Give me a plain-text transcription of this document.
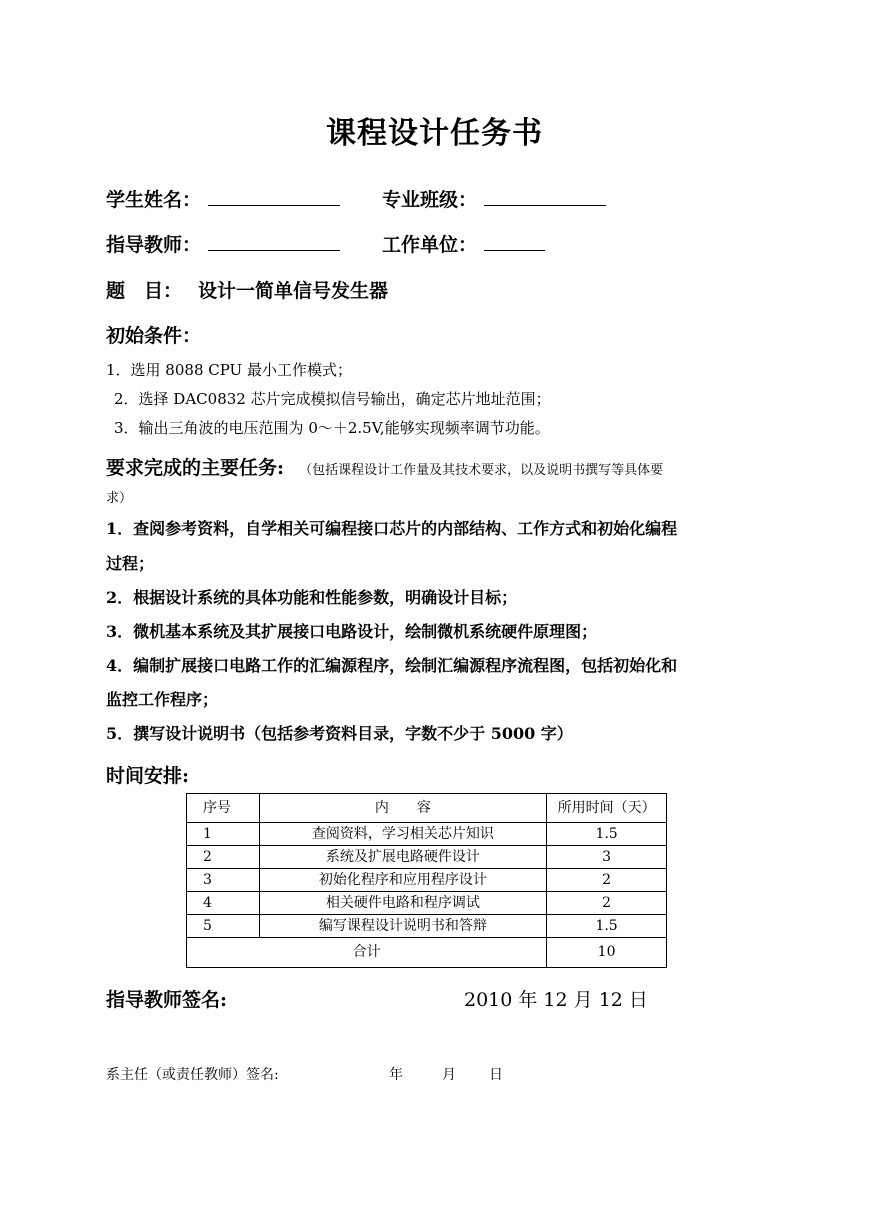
课程设计任务书
学生姓名：	专业班级：
指导教师：	工作单位：
题　目： 设计一简单信号发生器
初始条件：
1．选用 8088 CPU 最小工作模式；
2．选择 DAC0832 芯片完成模拟信号输出，确定芯片地址范围；
3．输出三角波的电压范围为 0～＋2.5V,能够实现频率调节功能。
要求完成的主要任务: （包括课程设计工作量及其技术要求，以及说明书撰写等具体要
求）
1．查阅参考资料，自学相关可编程接口芯片的内部结构、工作方式和初始化编程
过程；
2．根据设计系统的具体功能和性能参数，明确设计目标；
3．微机基本系统及其扩展接口电路设计，绘制微机系统硬件原理图；
4．编制扩展接口电路工作的汇编源程序，绘制汇编源程序流程图，包括初始化和
监控工作程序；
5．撰写设计说明书（包括参考资料目录，字数不少于 5000 字）
时间安排:
序号	内　　容	所用时间（天）
1	查阅资料，学习相关芯片知识	1.5
2	系统及扩展电路硬件设计	3
3	初始化程序和应用程序设计	2
4	相关硬件电路和程序调试	2
5	编写课程设计说明书和答辩	1.5
合计		10
指导教师签名:	2010 年 12 月 12 日
系主任（或责任教师）签名:	年	月 日
